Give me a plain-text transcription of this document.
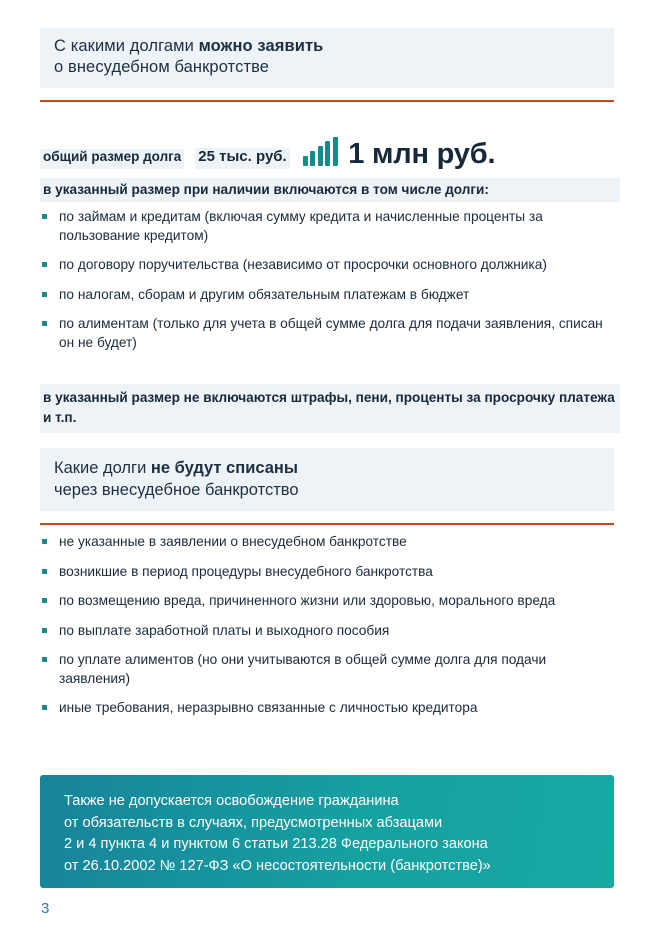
С какими долгами можно заявить
о внесудебном банкротстве
общий размер долга 25 тыс. руб. 1 млн руб.
в указанный размер при наличии включаются в том числе долги:
по займам и кредитам (включая сумму кредита и начисленные проценты за пользование кредитом)
по договору поручительства (независимо от просрочки основного должника)
по налогам, сборам и другим обязательным платежам в бюджет
по алиментам (только для учета в общей сумме долга для подачи заявления, списан он не будет)
в указанный размер не включаются штрафы, пени, проценты за просрочку платежа и т.п.
Какие долги не будут списаны
через внесудебное банкротство
не указанные в заявлении о внесудебном банкротстве
возникшие в период процедуры внесудебного банкротства
по возмещению вреда, причиненного жизни или здоровью, морального вреда
по выплате заработной платы и выходного пособия
по уплате алиментов (но они учитываются в общей сумме долга для подачи заявления)
иные требования, неразрывно связанные с личностью кредитора

Также не допускается освобождение гражданина

от обязательств в случаях, предусмотренных абзацами

2 и 4 пункта 4 и пунктом 6 статьи 213.28 Федерального закона

от 26.10.2002 № 127-ФЗ «О несостоятельности (банкротстве)»

3
